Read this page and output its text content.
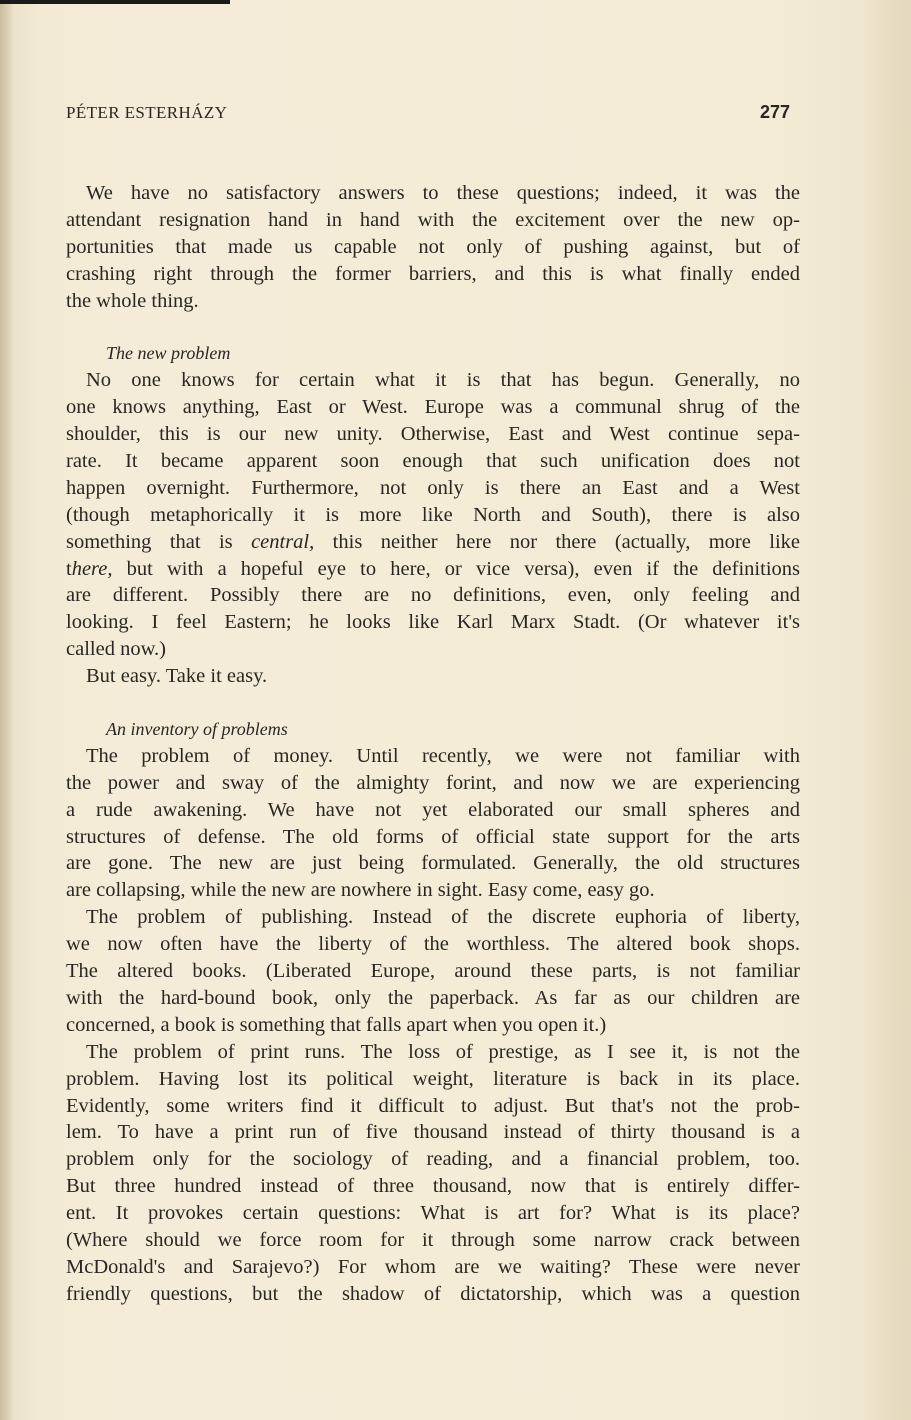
PÉTER ESTERHÁZY	277
We have no satisfactory answers to these questions; indeed, it was the
attendant resignation hand in hand with the excitement over the new op-
portunities that made us capable not only of pushing against, but of
crashing right through the former barriers, and this is what finally ended
the whole thing.
The new problem
No one knows for certain what it is that has begun. Generally, no
one knows anything, East or West. Europe was a communal shrug of the
shoulder, this is our new unity. Otherwise, East and West continue sepa-
rate. It became apparent soon enough that such unification does not
happen overnight. Furthermore, not only is there an East and a West
(though metaphorically it is more like North and South), there is also
something that is central, this neither here nor there (actually, more like
there, but with a hopeful eye to here, or vice versa), even if the definitions
are different. Possibly there are no definitions, even, only feeling and
looking. I feel Eastern; he looks like Karl Marx Stadt. (Or whatever it's
called now.)
But easy. Take it easy.
An inventory of problems
The problem of money. Until recently, we were not familiar with
the power and sway of the almighty forint, and now we are experiencing
a rude awakening. We have not yet elaborated our small spheres and
structures of defense. The old forms of official state support for the arts
are gone. The new are just being formulated. Generally, the old structures
are collapsing, while the new are nowhere in sight. Easy come, easy go.
The problem of publishing. Instead of the discrete euphoria of liberty,
we now often have the liberty of the worthless. The altered book shops.
The altered books. (Liberated Europe, around these parts, is not familiar
with the hard-bound book, only the paperback. As far as our children are
concerned, a book is something that falls apart when you open it.)
The problem of print runs. The loss of prestige, as I see it, is not the
problem. Having lost its political weight, literature is back in its place.
Evidently, some writers find it difficult to adjust. But that's not the prob-
lem. To have a print run of five thousand instead of thirty thousand is a
problem only for the sociology of reading, and a financial problem, too.
But three hundred instead of three thousand, now that is entirely differ-
ent. It provokes certain questions: What is art for? What is its place?
(Where should we force room for it through some narrow crack between
McDonald's and Sarajevo?) For whom are we waiting? These were never
friendly questions, but the shadow of dictatorship, which was a question
